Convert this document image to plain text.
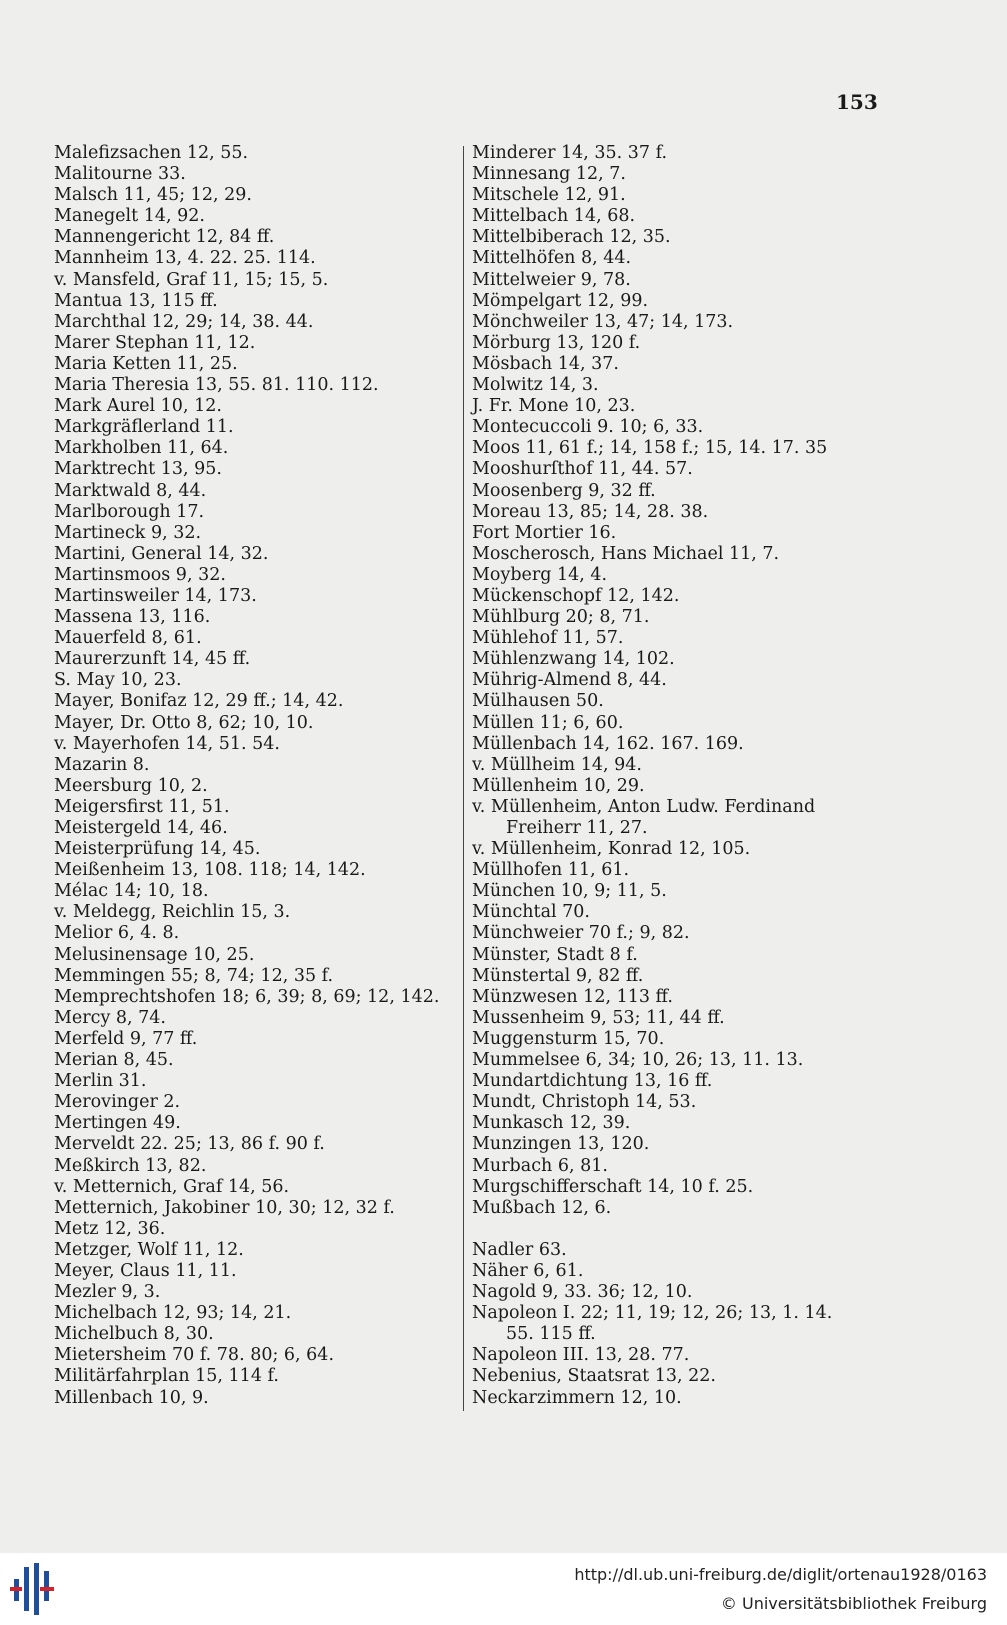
153
Malefizsachen 12, 55.
Malitourne 33.
Malsch 11, 45; 12, 29.
Manegelt 14, 92.
Mannengericht 12, 84 ff.
Mannheim 13, 4. 22. 25. 114.
v. Mansfeld, Graf 11, 15; 15, 5.
Mantua 13, 115 ff.
Marchthal 12, 29; 14, 38. 44.
Marer Stephan 11, 12.
Maria Ketten 11, 25.
Maria Theresia 13, 55. 81. 110. 112.
Mark Aurel 10, 12.
Markgräflerland 11.
Markholben 11, 64.
Marktrecht 13, 95.
Marktwald 8, 44.
Marlborough 17.
Martineck 9, 32.
Martini, General 14, 32.
Martinsmoos 9, 32.
Martinsweiler 14, 173.
Massena 13, 116.
Mauerfeld 8, 61.
Maurerzunft 14, 45 ff.
S. May 10, 23.
Mayer, Bonifaz 12, 29 ff.; 14, 42.
Mayer, Dr. Otto 8, 62; 10, 10.
v. Mayerhofen 14, 51. 54.
Mazarin 8.
Meersburg 10, 2.
Meigersfirst 11, 51.
Meistergeld 14, 46.
Meisterprüfung 14, 45.
Meißenheim 13, 108. 118; 14, 142.
Mélac 14; 10, 18.
v. Meldegg, Reichlin 15, 3.
Melior 6, 4. 8.
Melusinensage 10, 25.
Memmingen 55; 8, 74; 12, 35 f.
Memprechtshofen 18; 6, 39; 8, 69; 12, 142.
Mercy 8, 74.
Merfeld 9, 77 ff.
Merian 8, 45.
Merlin 31.
Merovinger 2.
Mertingen 49.
Merveldt 22. 25; 13, 86 f. 90 f.
Meßkirch 13, 82.
v. Metternich, Graf 14, 56.
Metternich, Jakobiner 10, 30; 12, 32 f.
Metz 12, 36.
Metzger, Wolf 11, 12.
Meyer, Claus 11, 11.
Mezler 9, 3.
Michelbach 12, 93; 14, 21.
Michelbuch 8, 30.
Mietersheim 70 f. 78. 80; 6, 64.
Militärfahrplan 15, 114 f.
Millenbach 10, 9.
Minderer 14, 35. 37 f.
Minnesang 12, 7.
Mitschele 12, 91.
Mittelbach 14, 68.
Mittelbiberach 12, 35.
Mittelhöfen 8, 44.
Mittelweier 9, 78.
Mömpelgart 12, 99.
Mönchweiler 13, 47; 14, 173.
Mörburg 13, 120 f.
Mösbach 14, 37.
Molwitz 14, 3.
J. Fr. Mone 10, 23.
Montecuccoli 9. 10; 6, 33.
Moos 11, 61 f.; 14, 158 f.; 15, 14. 17. 35
Mooshurſthof 11, 44. 57.
Moosenberg 9, 32 ff.
Moreau 13, 85; 14, 28. 38.
Fort Mortier 16.
Moscherosch, Hans Michael 11, 7.
Moyberg 14, 4.
Mückenschopf 12, 142.
Mühlburg 20; 8, 71.
Mühlehof 11, 57.
Mühlenzwang 14, 102.
Mührig-Almend 8, 44.
Mülhausen 50.
Müllen 11; 6, 60.
Müllenbach 14, 162. 167. 169.
v. Müllheim 14, 94.
Müllenheim 10, 29.
v. Müllenheim, Anton Ludw. Ferdinand
Freiherr 11, 27.
v. Müllenheim, Konrad 12, 105.
Müllhofen 11, 61.
München 10, 9; 11, 5.
Münchtal 70.
Münchweier 70 f.; 9, 82.
Münster, Stadt 8 f.
Münstertal 9, 82 ff.
Münzwesen 12, 113 ff.
Mussenheim 9, 53; 11, 44 ff.
Muggensturm 15, 70.
Mummelsee 6, 34; 10, 26; 13, 11. 13.
Mundartdichtung 13, 16 ff.
Mundt, Christoph 14, 53.
Munkasch 12, 39.
Munzingen 13, 120.
Murbach 6, 81.
Murgschifferschaft 14, 10 f. 25.
Mußbach 12, 6.
Nadler 63.
Näher 6, 61.
Nagold 9, 33. 36; 12, 10.
Napoleon I. 22; 11, 19; 12, 26; 13, 1. 14.
55. 115 ff.
Napoleon III. 13, 28. 77.
Nebenius, Staatsrat 13, 22.
Neckarzimmern 12, 10.
http://dl.ub.uni-freiburg.de/diglit/ortenau1928/0163
© Universitätsbibliothek Freiburg
